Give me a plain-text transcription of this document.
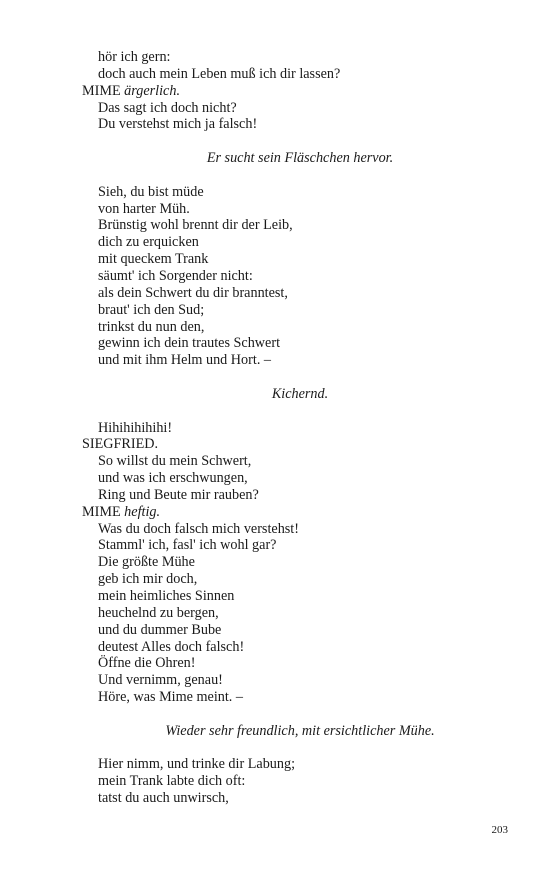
hör ich gern:
doch auch mein Leben muß ich dir lassen?
MIME ärgerlich.
Das sagt ich doch nicht?
Du verstehst mich ja falsch!
Er sucht sein Fläschchen hervor.
Sieh, du bist müde
von harter Müh.
Brünstig wohl brennt dir der Leib,
dich zu erquicken
mit queckem Trank
säumt' ich Sorgender nicht:
als dein Schwert du dir branntest,
braut' ich den Sud;
trinkst du nun den,
gewinn ich dein trautes Schwert
und mit ihm Helm und Hort. –
Kichernd.
Hihihihihihi!
SIEGFRIED.
So willst du mein Schwert,
und was ich erschwungen,
Ring und Beute mir rauben?
MIME heftig.
Was du doch falsch mich verstehst!
Stamml' ich, fasl' ich wohl gar?
Die größte Mühe
geb ich mir doch,
mein heimliches Sinnen
heuchelnd zu bergen,
und du dummer Bube
deutest Alles doch falsch!
Öffne die Ohren!
Und vernimm, genau!
Höre, was Mime meint. –
Wieder sehr freundlich, mit ersichtlicher Mühe.
Hier nimm, und trinke dir Labung;
mein Trank labte dich oft:
tatst du auch unwirsch,
203
